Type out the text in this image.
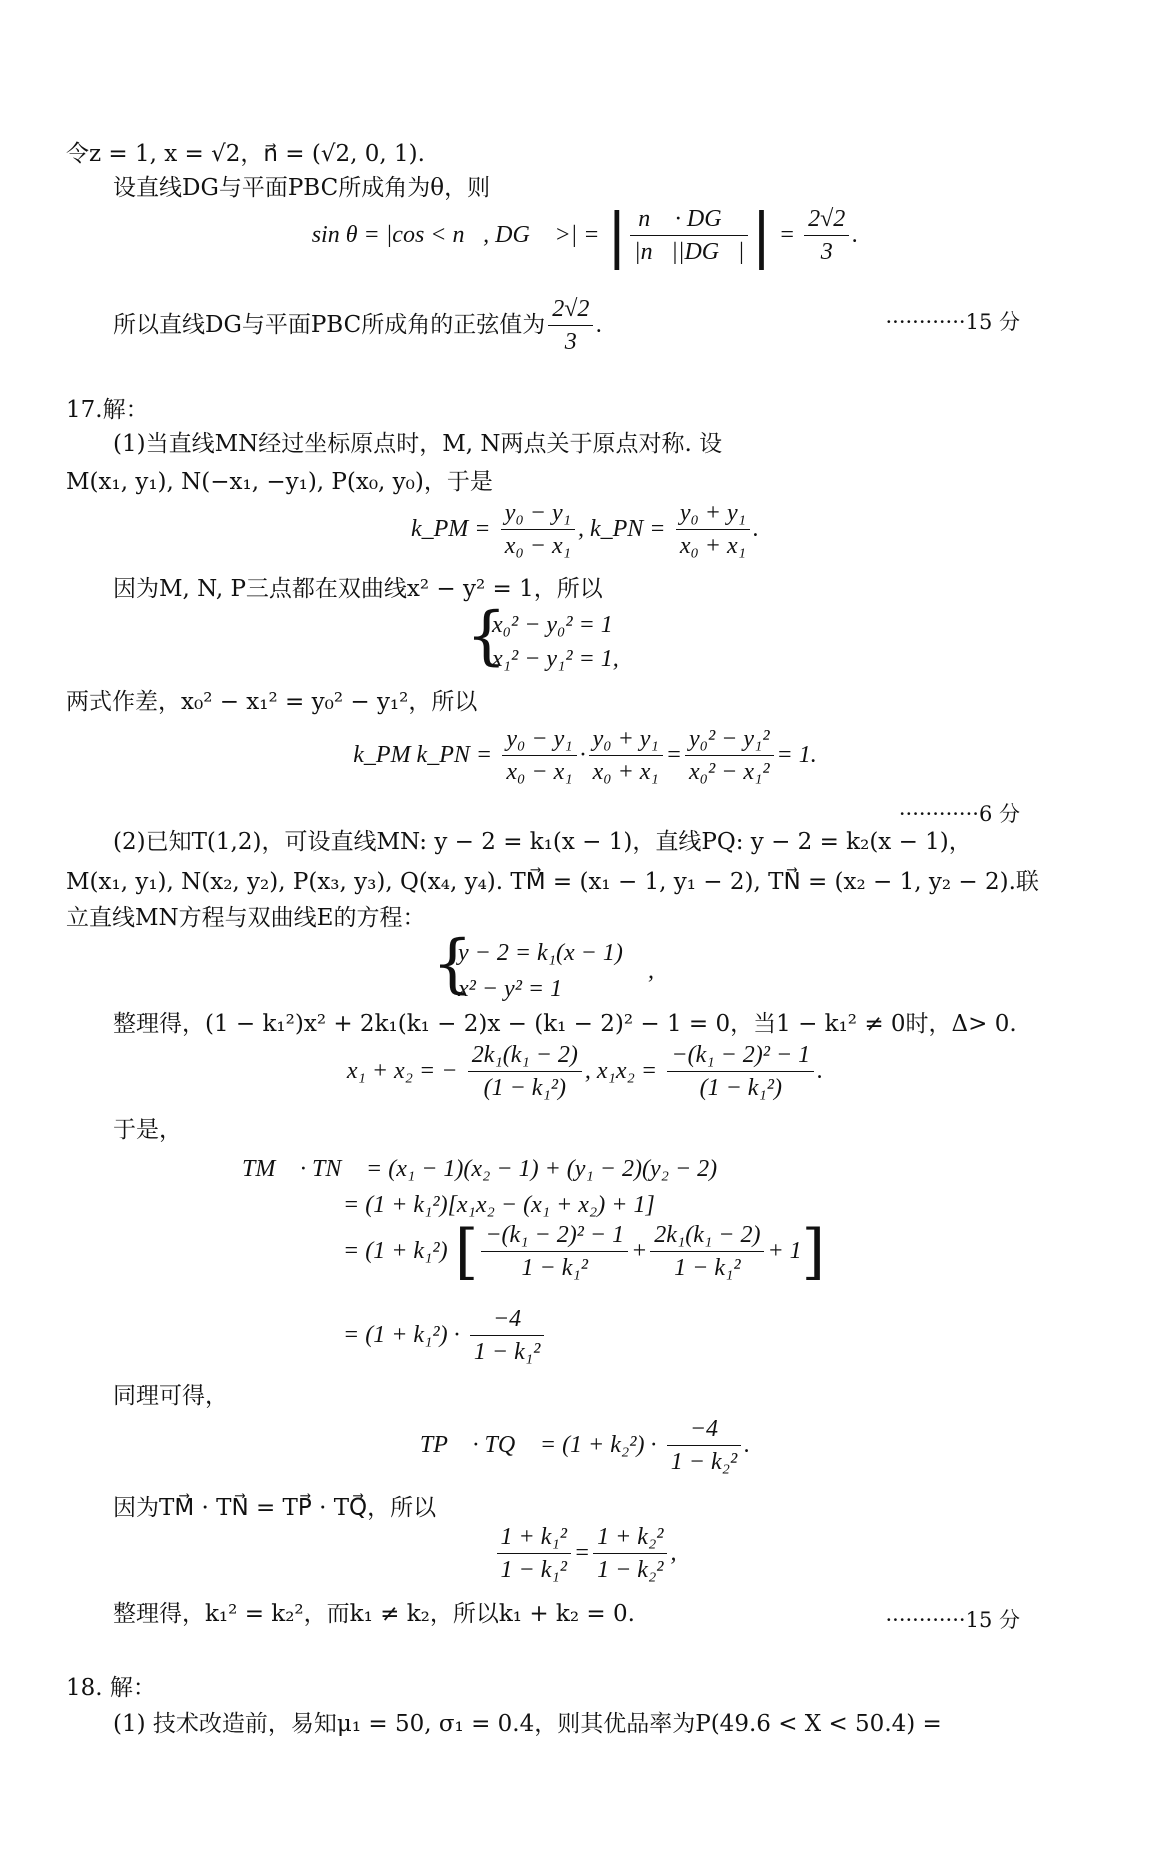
令z = 1, x = √2，n⃗ = (√2, 0, 1).
设直线DG与平面PBC所成角为θ，则
sin θ = |cos < n⃗, DG⃗ >| = | $\frac{n⃗ \cdot DG⃗}{|n⃗||DG⃗|}$ | = $\frac{2√2}{3}$ .
所以直线DG与平面PBC所成角的正弦值为 $\frac{2√2}{3}$ .	············15 分
17.解：
(1)当直线MN经过坐标原点时，M, N两点关于原点对称. 设
M(x₁, y₁), N(−x₁, −y₁), P(x₀, y₀)，于是
k_PM = $\frac{\text{y₀ − y₁}}{\text{x₀ − x₁}}$ , k_PN = $\frac{\text{y₀ + y₁}}{\text{x₀ + x₁}}$ .
因为M, N, P三点都在双曲线x² − y² = 1，所以
{
x₀² − y₀² = 1
x₁² − y₁² = 1,
两式作差，x₀² − x₁² = y₀² − y₁²，所以
k_PM k_PN = $\frac{\text{y₀ − y₁}}{\text{x₀ − x₁}} \cdot \frac{\text{y₀ + y₁}}{\text{x₀ + x₁}} = \frac{\text{y₀² − y₁²}}{\text{x₀² − x₁²}} = 1$.
············6 分
(2)已知T(1,2)，可设直线MN: y − 2 = k₁(x − 1)，直线PQ: y − 2 = k₂(x − 1)，
M(x₁, y₁), N(x₂, y₂), P(x₃, y₃), Q(x₄, y₄). TM⃗ = (x₁ − 1, y₁ − 2), TN⃗ = (x₂ − 1, y₂ − 2).联
立直线MN方程与双曲线E的方程：
{
y − 2 = k₁(x − 1)
x² − y² = 1
,
整理得，(1 − k₁²)x² + 2k₁(k₁ − 2)x − (k₁ − 2)² − 1 = 0，当1 − k₁² ≠ 0时，Δ> 0.
x₁ + x₂ = − $\frac{\text{2k₁(k₁ − 2)}}{\text{(1 − k₁²)}}$ , $x_1x_2 = \frac{\text{−(k₁ − 2)² − 1}}{\text{(1 − k₁²)}}$ .
于是，
TM⃗ · TN⃗ = (x₁ − 1)(x₂ − 1) + (y₁ − 2)(y₂ − 2)
= (1 + k₁²)[x₁x₂ − (x₁ + x₂) + 1]
= (1 + k₁²) [ $\frac{\text{−(k₁ − 2)² − 1}}{\text{1 − k₁²}} + \frac{\text{2k₁(k₁ − 2)}}{\text{1 − k₁²}} + 1$]
= $(1 + k_1^2) \cdot \frac{-4}{\text{1 − k₁²}}$
同理可得，
TP⃗ · TQ⃗ = $(1 + k_2^2) \cdot \frac{-4}{\text{1 − k₂²}}$ .
因为TM⃗ · TN⃗ = TP⃗ · TQ⃗，所以
$\frac{\text{1 + k₁²}}{\text{1 − k₁²}} = \frac{\text{1 + k₂²}}{\text{1 − k₂²}}$ ,
整理得，k₁² = k₂²，而k₁ ≠ k₂，所以k₁ + k₂ = 0.	············15 分
18. 解：
(1) 技术改造前，易知μ₁ = 50, σ₁ = 0.4，则其优品率为P(49.6 < X < 50.4) =
